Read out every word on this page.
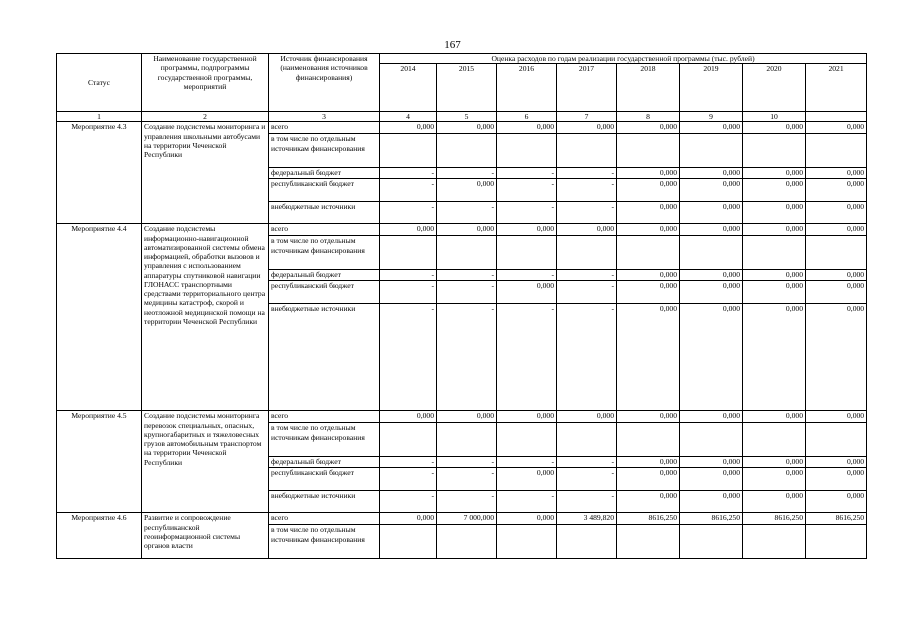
167
Статус	Наименование государственной программы, подпрограммы государственной программы, мероприятий	Источник финансирования (наименования источников финансирования)	Оценка расходов по годам реализации государственной программы (тыс. рублей)							
			2014	2015	2016	2017	2018	2019	2020	2021
1	2	3	4	5	6	7	8	9	10	
Мероприятие 4.3	Создание подсистемы мониторинга и управления школьными автобусами на территории Чеченской Республики	всего	0,000	0,000	0,000	0,000	0,000	0,000	0,000	0,000
		в том числе по отдельным источникам финансирования								
		федеральный бюджет	-	-	-	-	0,000	0,000	0,000	0,000
		республиканский бюджет	-	0,000	-	-	0,000	0,000	0,000	0,000
		внебюджетные источники	-	-	-	-	0,000	0,000	0,000	0,000
Мероприятие 4.4	Создание подсистемы информационно-навигационной автоматизированной системы обмена информацией, обработки вызовов и управления с использованием аппаратуры спутниковой навигации ГЛОНАСС транспортными средствами территориального центра медицины катастроф, скорой и неотложной медицинской помощи на территории Чеченской Республики	всего	0,000	0,000	0,000	0,000	0,000	0,000	0,000	0,000
		в том числе по отдельным источникам финансирования								
		федеральный бюджет	-	-	-	-	0,000	0,000	0,000	0,000
		республиканский бюджет	-	-	0,000	-	0,000	0,000	0,000	0,000
		внебюджетные источники	-	-	-	-	0,000	0,000	0,000	0,000
Мероприятие 4.5	Создание подсистемы мониторинга перевозок специальных, опасных, крупногабаритных и тяжеловесных грузов автомобильным транспортом на территории Чеченской Республики	всего	0,000	0,000	0,000	0,000	0,000	0,000	0,000	0,000
		в том числе по отдельным источникам финансирования								
		федеральный бюджет	-	-	-	-	0,000	0,000	0,000	0,000
		республиканский бюджет	-	-	0,000	-	0,000	0,000	0,000	0,000
		внебюджетные источники	-	-	-	-	0,000	0,000	0,000	0,000
Мероприятие 4.6	Развитие и сопровождение республиканской геоинформационной системы органов власти	всего	0,000	7 000,000	0,000	3 489,820	8616,250	8616,250	8616,250	8616,250
		в том числе по отдельным источникам финансирования								
